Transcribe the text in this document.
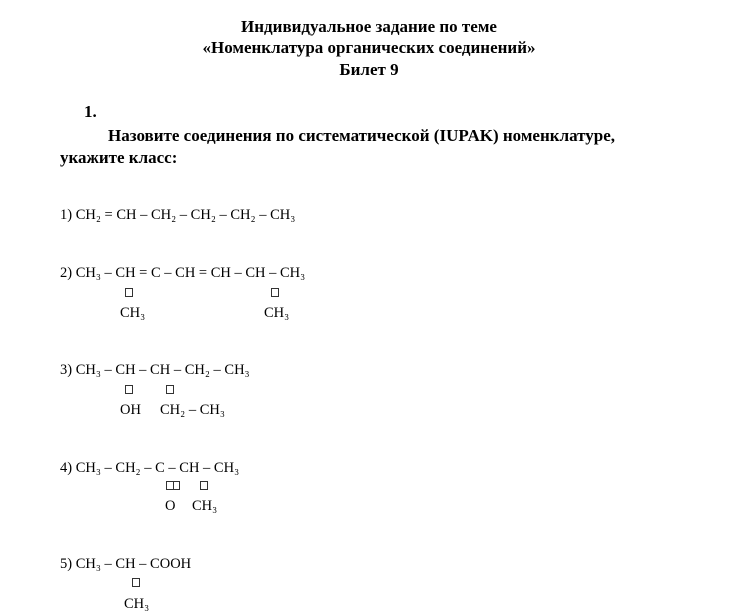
Индивидуальное задание по теме
«Номенклатура органических соединений»
Билет 9
1.
Назовите соединения по систематической (IUPAK) номенклатуре,
укажите класс:
1) CH₂ = CH – CH₂ – CH₂ – CH₂ – CH₃
2) CH₃ – CH = C – CH = CH – CH – CH₃
CH₃	CH₃
3) CH₃ – CH – CH – CH₂ – CH₃
OH CH₂ – CH₃
4) CH₃ – CH₂ – C – CH – CH₃
O CH₃
5) CH₃ – CH – COOH
CH₃
